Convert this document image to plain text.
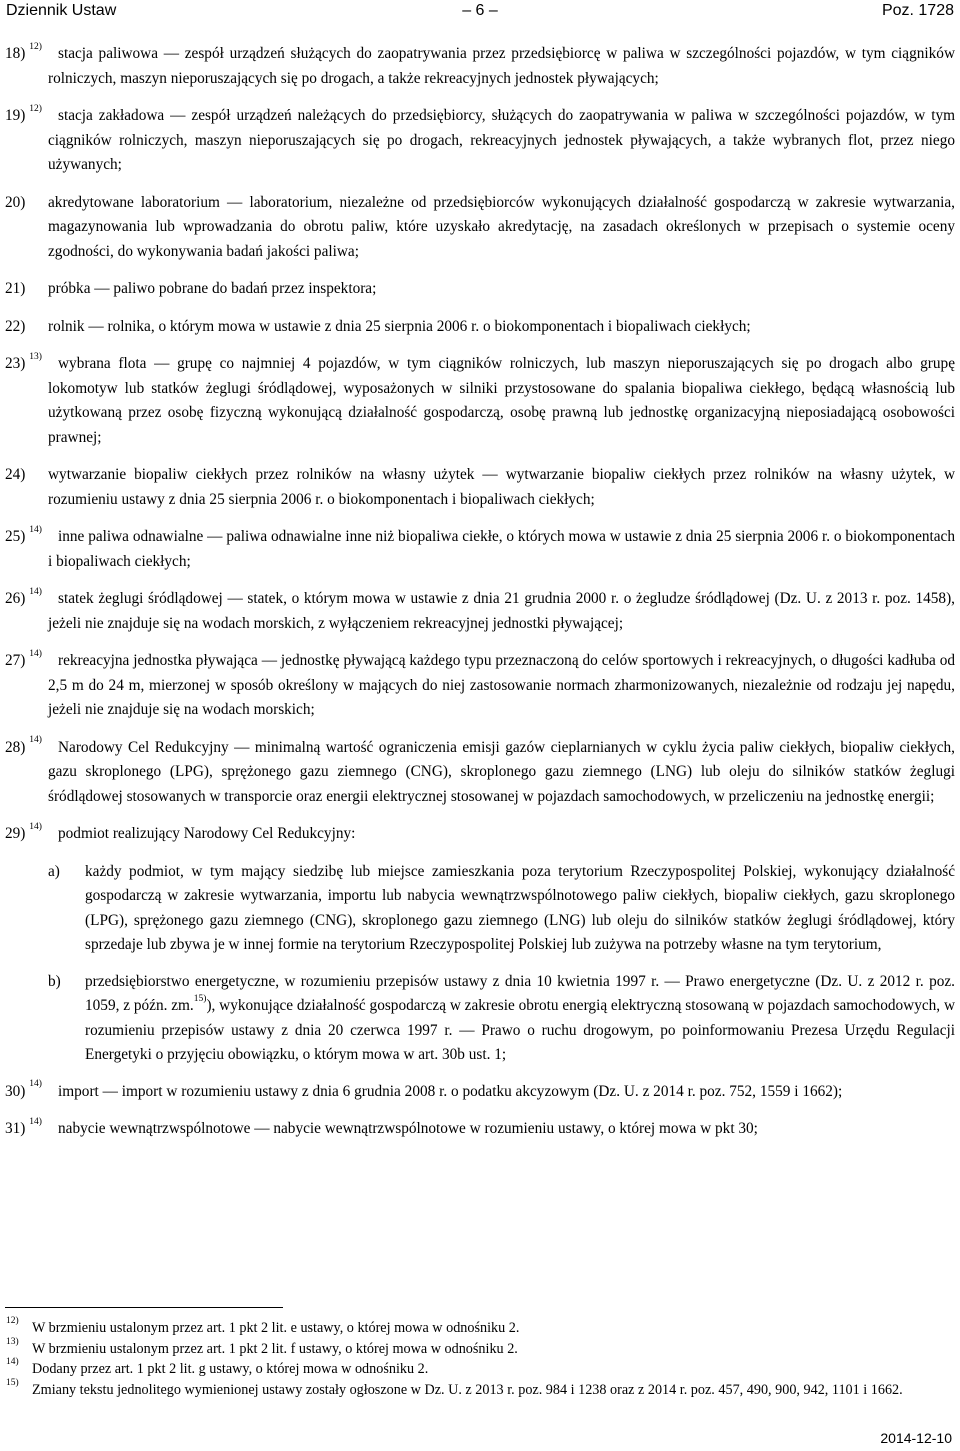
Dziennik Ustaw	– 6 –	Poz. 1728
18) $^{12)}$ stacja paliwowa — zespół urządzeń służących do zaopatrywania przez przedsiębiorcę w paliwa w szczególności pojazdów, w tym ciągników rolniczych, maszyn nieporuszających się po drogach, a także rekreacyjnych jednostek pływających;
19) $^{12)}$ stacja zakładowa — zespół urządzeń należących do przedsiębiorcy, służących do zaopatrywania w paliwa w szczególności pojazdów, w tym ciągników rolniczych, maszyn nieporuszających się po drogach, rekreacyjnych jednostek pływających, a także wybranych flot, przez niego używanych;
20) akredytowane laboratorium — laboratorium, niezależne od przedsiębiorców wykonujących działalność gospodarczą w zakresie wytwarzania, magazynowania lub wprowadzania do obrotu paliw, które uzyskało akredytację, na zasadach określonych w przepisach o systemie oceny zgodności, do wykonywania badań jakości paliwa;
21) próbka — paliwo pobrane do badań przez inspektora;
22) rolnik — rolnika, o którym mowa w ustawie z dnia 25 sierpnia 2006 r. o biokomponentach i biopaliwach ciekłych;
23) $^{13)}$ wybrana flota — grupę co najmniej 4 pojazdów, w tym ciągników rolniczych, lub maszyn nieporuszających się po drogach albo grupę lokomotyw lub statków żeglugi śródlądowej, wyposażonych w silniki przystosowane do spalania biopaliwa ciekłego, będącą własnością lub użytkowaną przez osobę fizyczną wykonującą działalność gospodarczą, osobę prawną lub jednostkę organizacyjną nieposiadającą osobowości prawnej;
24) wytwarzanie biopaliw ciekłych przez rolników na własny użytek — wytwarzanie biopaliw ciekłych przez rolników na własny użytek, w rozumieniu ustawy z dnia 25 sierpnia 2006 r. o biokomponentach i biopaliwach ciekłych;
25) $^{14)}$ inne paliwa odnawialne — paliwa odnawialne inne niż biopaliwa ciekłe, o których mowa w ustawie z dnia 25 sierpnia 2006 r. o biokomponentach i biopaliwach ciekłych;
26) $^{14)}$ statek żeglugi śródlądowej — statek, o którym mowa w ustawie z dnia 21 grudnia 2000 r. o żegludze śródlądowej (Dz. U. z 2013 r. poz. 1458), jeżeli nie znajduje się na wodach morskich, z wyłączeniem rekreacyjnej jednostki pływającej;
27) $^{14)}$ rekreacyjna jednostka pływająca — jednostkę pływającą każdego typu przeznaczoną do celów sportowych i rekreacyjnych, o długości kadłuba od 2,5 m do 24 m, mierzonej w sposób określony w mających do niej zastosowanie normach zharmonizowanych, niezależnie od rodzaju jej napędu, jeżeli nie znajduje się na wodach morskich;
28) $^{14)}$ Narodowy Cel Redukcyjny — minimalną wartość ograniczenia emisji gazów cieplarnianych w cyklu życia paliw ciekłych, biopaliw ciekłych, gazu skroplonego (LPG), sprężonego gazu ziemnego (CNG), skroplonego gazu ziemnego (LNG) lub oleju do silników statków żeglugi śródlądowej stosowanych w transporcie oraz energii elektrycznej stosowanej w pojazdach samochodowych, w przeliczeniu na jednostkę energii;
29) $^{14)}$ podmiot realizujący Narodowy Cel Redukcyjny:
a) każdy podmiot, w tym mający siedzibę lub miejsce zamieszkania poza terytorium Rzeczypospolitej Polskiej, wykonujący działalność gospodarczą w zakresie wytwarzania, importu lub nabycia wewnątrzwspólnotowego paliw ciekłych, biopaliw ciekłych, gazu skroplonego (LPG), sprężonego gazu ziemnego (CNG), skroplonego gazu ziemnego (LNG) lub oleju do silników statków żeglugi śródlądowej, który sprzedaje lub zbywa je w innej formie na terytorium Rzeczypospolitej Polskiej lub zużywa na potrzeby własne na tym terytorium,
b) przedsiębiorstwo energetyczne, w rozumieniu przepisów ustawy z dnia 10 kwietnia 1997 r. — Prawo energetyczne (Dz. U. z 2012 r. poz. 1059, z późn. zm.$^{15)}$), wykonujące działalność gospodarczą w zakresie obrotu energią elektryczną stosowaną w pojazdach samochodowych, w rozumieniu przepisów ustawy z dnia 20 czerwca 1997 r. — Prawo o ruchu drogowym, po poinformowaniu Prezesa Urzędu Regulacji Energetyki o przyjęciu obowiązku, o którym mowa w art. 30b ust. 1;
30) $^{14)}$ import — import w rozumieniu ustawy z dnia 6 grudnia 2008 r. o podatku akcyzowym (Dz. U. z 2014 r. poz. 752, 1559 i 1662);
31) $^{14)}$ nabycie wewnątrzwspólnotowe — nabycie wewnątrzwspólnotowe w rozumieniu ustawy, o której mowa w pkt 30;
12) W brzmieniu ustalonym przez art. 1 pkt 2 lit. e ustawy, o której mowa w odnośniku 2.
13) W brzmieniu ustalonym przez art. 1 pkt 2 lit. f ustawy, o której mowa w odnośniku 2.
14) Dodany przez art. 1 pkt 2 lit. g ustawy, o której mowa w odnośniku 2.
15) Zmiany tekstu jednolitego wymienionej ustawy zostały ogłoszone w Dz. U. z 2013 r. poz. 984 i 1238 oraz z 2014 r. poz. 457, 490, 900, 942, 1101 i 1662.
2014-12-10
